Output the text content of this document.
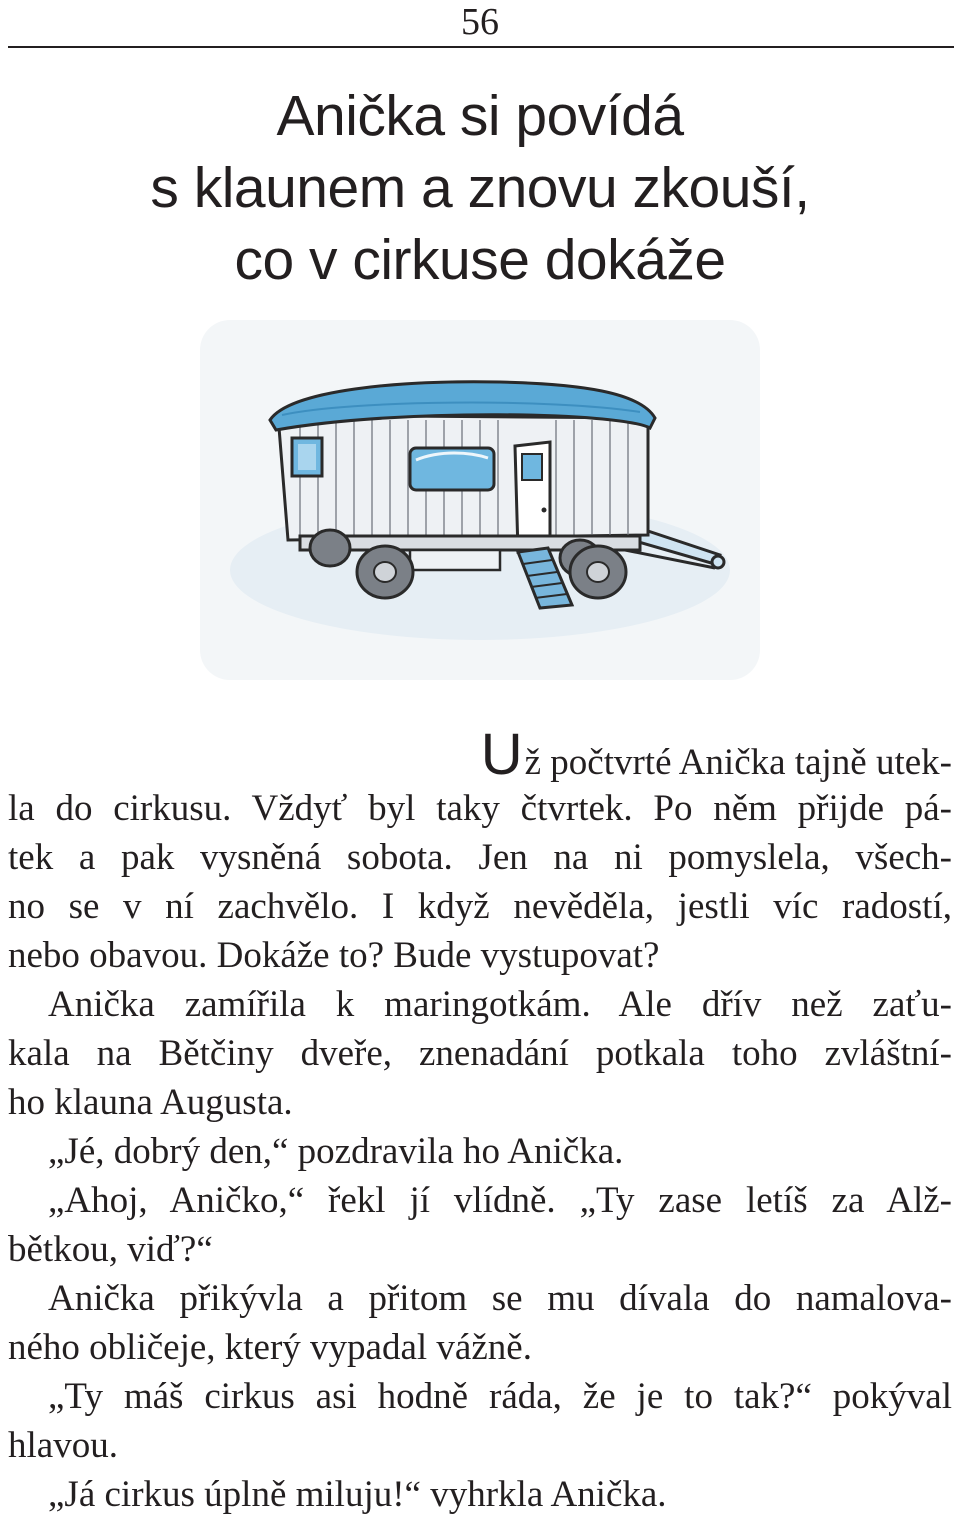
56
Anička si povídá
s klaunem a znovu zkouší,
co v cirkuse dokáže
Už počtvrté Anička tajně utek-
la do cirkusu. Vždyť byl taky čtvrtek. Po něm přijde pá-
tek a pak vysněná sobota. Jen na ni pomyslela, všech-
no se v ní zachvělo. I když nevěděla, jestli víc radostí,
nebo obavou. Dokáže to? Bude vystupovat?
Anička zamířila k maringotkám. Ale dřív než zaťu-
kala na Bětčiny dveře, znenadání potkala toho zvláštní-
ho klauna Augusta.
„Jé, dobrý den,“ pozdravila ho Anička.
„Ahoj, Aničko,“ řekl jí vlídně. „Ty zase letíš za Alž-
bětkou, viď?“
Anička přikývla a přitom se mu dívala do namalova-
ného obličeje, který vypadal vážně.
„Ty máš cirkus asi hodně ráda, že je to tak?“ pokýval
hlavou.
„Já cirkus úplně miluju!“ vyhrkla Anička.
